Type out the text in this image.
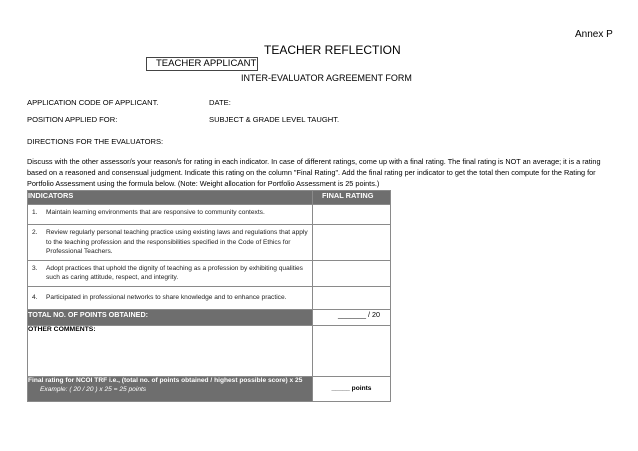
Annex P
TEACHER REFLECTION
TEACHER APPLICANT
INTER-EVALUATOR AGREEMENT FORM
APPLICATION CODE OF APPLICANT.	DATE:
POSITION APPLIED FOR:	SUBJECT & GRADE LEVEL TAUGHT.
DIRECTIONS FOR THE EVALUATORS:
Discuss with the other assessor/s your reason/s for rating in each indicator. In case of different ratings, come up with a final rating. The final rating is NOT an average; it is a rating based on a reasoned and consensual judgment. Indicate this rating on the column "Final Rating". Add the final rating per indicator to get the total then compute for the Rating for Portfolio Assessment using the formula below. (Note: Weight allocation for Portfolio Assessment is 25 points.)
INDICATORS	FINAL RATING

1. Maintain learning environments that are responsive to community contexts.	

2. Review regularly personal teaching practice using existing laws and regulations that apply to the teaching profession and the responsibilities specified in the Code of Ethics for Professional Teachers.	

3. Adopt practices that uphold the dignity of teaching as a profession by exhibiting qualities such as caring attitude, respect, and integrity.	

4. Participated in professional networks to share knowledge and to enhance practice.	

TOTAL NO. OF POINTS OBTAINED:	_______ / 20
OTHER COMMENTS:	

Final rating for NCOI TRF i.e., (total no. of points obtained / highest possible score) x 25
Example: ( 20 / 20 ) x 25 = 25 points	_____ points
